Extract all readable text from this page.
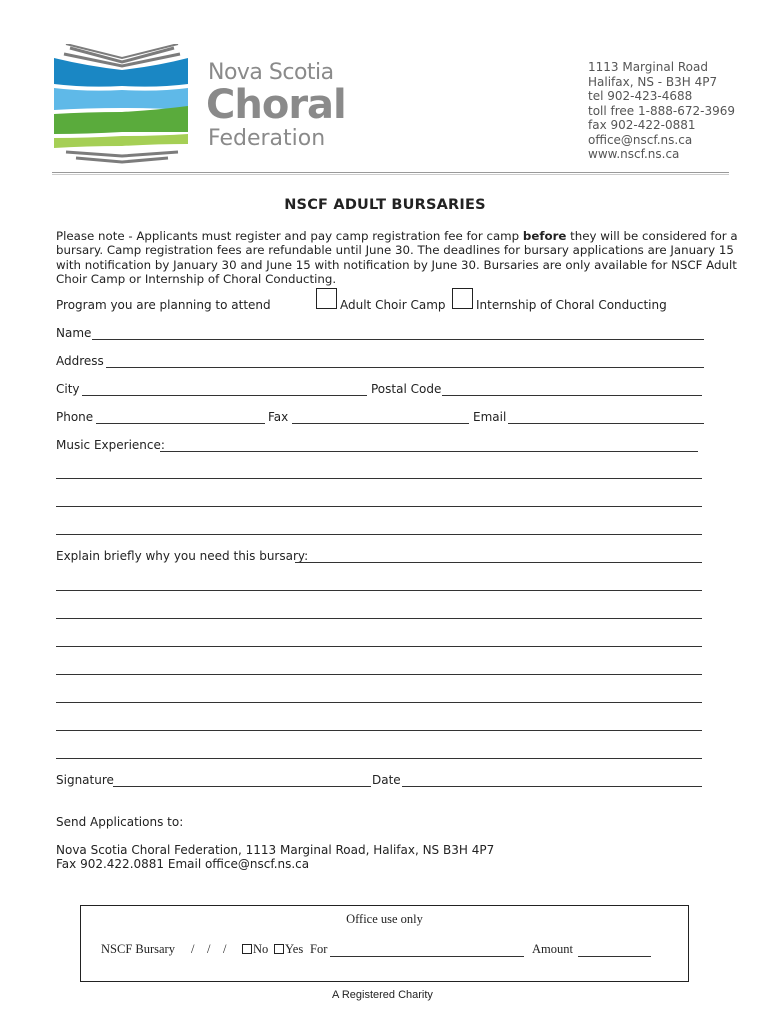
Nova Scotia
Choral
Federation
1113 Marginal Road
Halifax, NS - B3H 4P7
tel 902-423-4688
toll free 1-888-672-3969
fax 902-422-0881
office@nscf.ns.ca
www.nscf.ns.ca
NSCF ADULT BURSARIES
Please note - Applicants must register and pay camp registration fee for camp before they will be considered for a bursary. Camp registration fees are refundable until June 30. The deadlines for bursary applications are January 15 with notification by January 30 and June 15 with notification by June 30. Bursaries are only available for NSCF Adult Choir Camp or Internship of Choral Conducting.
Program you are planning to attend	Adult Choir Camp	Internship of Choral Conducting
Name
Address
City	Postal Code
Phone	Fax	Email
Music Experience:
Explain briefly why you need this bursary:
Signature	Date
Send Applications to:
Nova Scotia Choral Federation, 1113 Marginal Road, Halifax, NS B3H 4P7
Fax 902.422.0881 Email office@nscf.ns.ca
Office use only
NSCF Bursary /    /    / No Yes For	Amount
A Registered Charity
